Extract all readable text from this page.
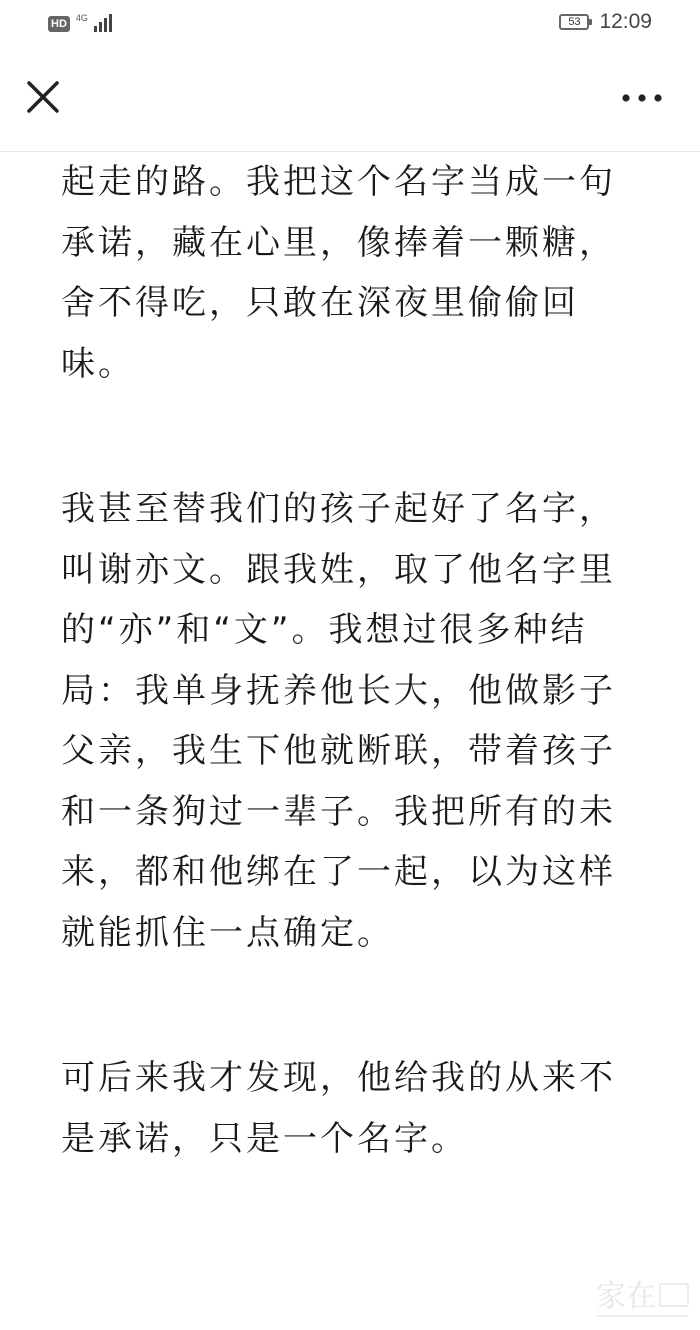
HD	4G	53 12:09

起走的路。我把这个名字当成一句
承诺，藏在心里，像捧着一颗糖，
舍不得吃，只敢在深夜里偷偷回
味。

我甚至替我们的孩子起好了名字，
叫谢亦文。跟我姓，取了他名字里
的“亦”和“文”。我想过很多种结
局：我单身抚养他长大，他做影子
父亲，我生下他就断联，带着孩子
和一条狗过一辈子。我把所有的未
来，都和他绑在了一起，以为这样
就能抓住一点确定。

可后来我才发现，他给我的从来不
是承诺，只是一个名字。

家在
